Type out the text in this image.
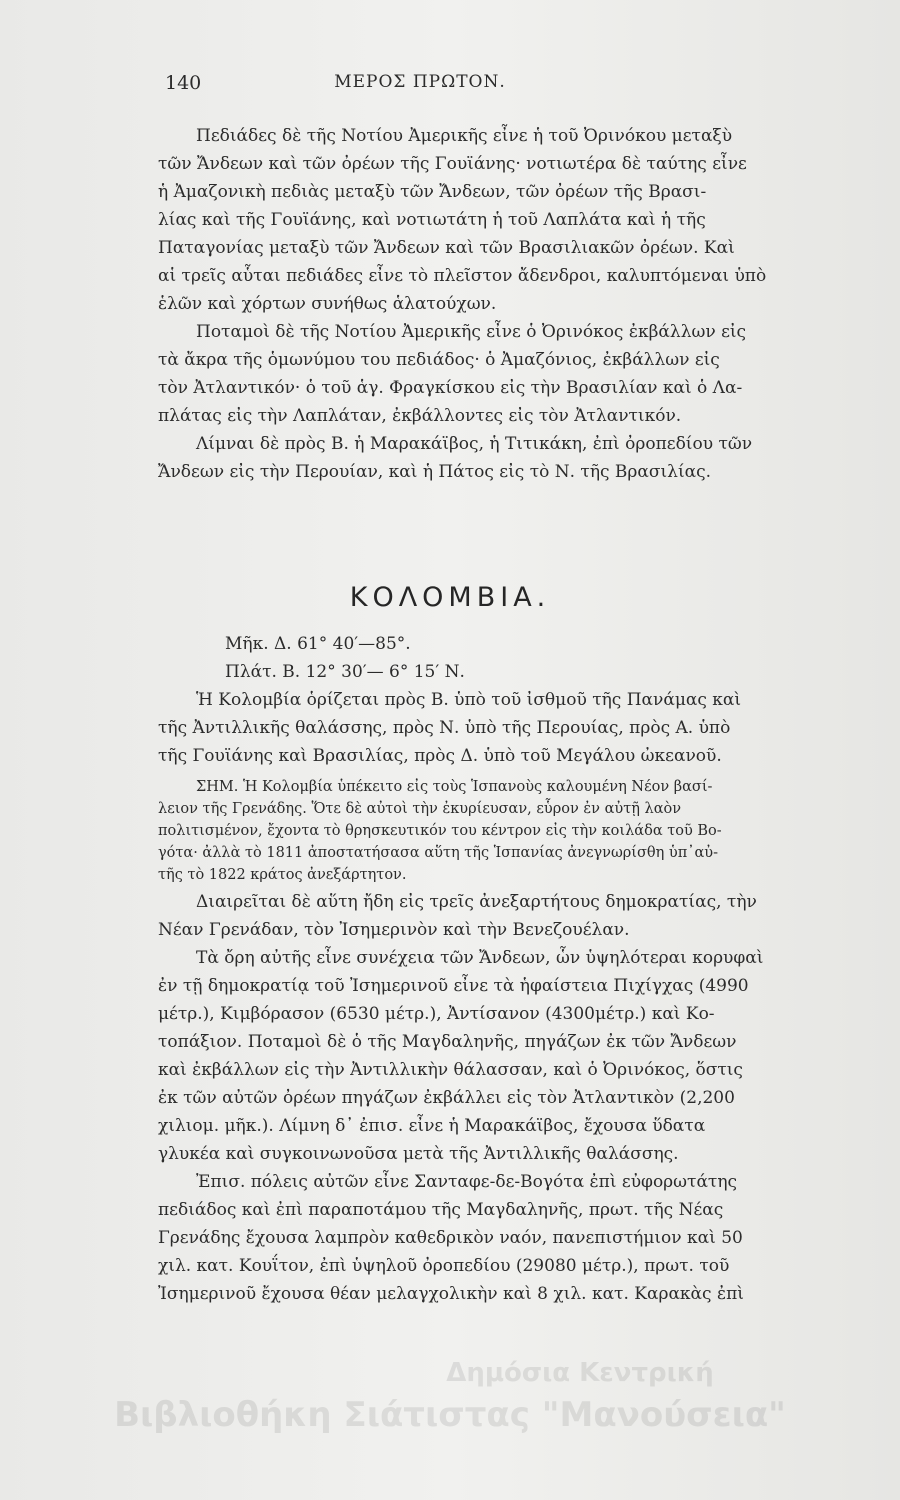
140	ΜΕΡΟΣ ΠΡΩΤΟΝ.
Πεδιάδες δὲ τῆς Νοτίου Ἀμερικῆς εἶνε ἡ τοῦ Ὀρινόκου μεταξὺ
τῶν Ἄνδεων καὶ τῶν ὀρέων τῆς Γουϊάνης· νοτιωτέρα δὲ ταύτης εἶνε
ἡ Ἀμαζονικὴ πεδιὰς μεταξὺ τῶν Ἄνδεων, τῶν ὀρέων τῆς Βρασι-
λίας καὶ τῆς Γουϊάνης, καὶ νοτιωτάτη ἡ τοῦ Λαπλάτα καὶ ἡ τῆς
Παταγονίας μεταξὺ τῶν Ἄνδεων καὶ τῶν Βρασιλιακῶν ὀρέων. Καὶ
αἱ τρεῖς αὗται πεδιάδες εἶνε τὸ πλεῖστον ἄδενδροι, καλυπτόμεναι ὑπὸ
ἑλῶν καὶ χόρτων συνήθως ἁλατούχων.
Ποταμοὶ δὲ τῆς Νοτίου Ἀμερικῆς εἶνε ὁ Ὀρινόκος ἐκβάλλων εἰς
τὰ ἄκρα τῆς ὁμωνύμου του πεδιάδος· ὁ Ἀμαζόνιος, ἐκβάλλων εἰς
τὸν Ἀτλαντικόν· ὁ τοῦ ἁγ. Φραγκίσκου εἰς τὴν Βρασιλίαν καὶ ὁ Λα-
πλάτας εἰς τὴν Λαπλάταν, ἐκβάλλοντες εἰς τὸν Ἀτλαντικόν.
Λίμναι δὲ πρὸς Β. ἡ Μαρακάϊβος, ἡ Τιτικάκη, ἐπὶ ὀροπεδίου τῶν
Ἄνδεων εἰς τὴν Περουίαν, καὶ ἡ Πάτος εἰς τὸ Ν. τῆς Βρασιλίας.
ΚΟΛΟΜΒΙΑ.
Μῆκ. Δ. 61° 40′—85°.
Πλάτ. Β. 12° 30′— 6° 15′ Ν.
Ἡ Κολομβία ὁρίζεται πρὸς Β. ὑπὸ τοῦ ἰσθμοῦ τῆς Πανάμας καὶ
τῆς Ἀντιλλικῆς θαλάσσης, πρὸς Ν. ὑπὸ τῆς Περουίας, πρὸς Α. ὑπὸ
τῆς Γουϊάνης καὶ Βρασιλίας, πρὸς Δ. ὑπὸ τοῦ Μεγάλου ὠκεανοῦ.
ΣΗΜ. Ἡ Κολομβία ὑπέκειτο εἰς τοὺς Ἱσπανοὺς καλουμένη Νέον βασί-
λειον τῆς Γρενάδης. Ὅτε δὲ αὐτοὶ τὴν ἐκυρίευσαν, εὗρον ἐν αὐτῇ λαὸν
πολιτισμένον, ἔχοντα τὸ θρησκευτικόν του κέντρον εἰς τὴν κοιλάδα τοῦ Βο-
γότα· ἀλλὰ τὸ 1811 ἀποστατήσασα αὕτη τῆς Ἱσπανίας ἀνεγνωρίσθη ὑπ᾽αὐ-
τῆς τὸ 1822 κράτος ἀνεξάρτητον.
Διαιρεῖται δὲ αὕτη ἤδη εἰς τρεῖς ἀνεξαρτήτους δημοκρατίας, τὴν
Νέαν Γρενάδαν, τὸν Ἰσημερινὸν καὶ τὴν Βενεζουέλαν.
Τὰ ὄρη αὐτῆς εἶνε συνέχεια τῶν Ἄνδεων, ὧν ὑψηλότεραι κορυφαὶ
ἐν τῇ δημοκρατίᾳ τοῦ Ἰσημερινοῦ εἶνε τὰ ἡφαίστεια Πιχίγχας (4990
μέτρ.), Κιμβόρασον (6530 μέτρ.), Ἀντίσανον (4300μέτρ.) καὶ Κο-
τοπάξιον. Ποταμοὶ δὲ ὁ τῆς Μαγδαληνῆς, πηγάζων ἐκ τῶν Ἄνδεων
καὶ ἐκβάλλων εἰς τὴν Ἀντιλλικὴν θάλασσαν, καὶ ὁ Ὀρινόκος, ὅστις
ἐκ τῶν αὐτῶν ὀρέων πηγάζων ἐκβάλλει εἰς τὸν Ἀτλαντικὸν (2,200
χιλιομ. μῆκ.). Λίμνη δ᾽ ἐπισ. εἶνε ἡ Μαρακάϊβος, ἔχουσα ὕδατα
γλυκέα καὶ συγκοινωνοῦσα μετὰ τῆς Ἀντιλλικῆς θαλάσσης.
Ἐπισ. πόλεις αὐτῶν εἶνε Σανταφε-δε-Βογότα ἐπὶ εὐφορωτάτης
πεδιάδος καὶ ἐπὶ παραποτάμου τῆς Μαγδαληνῆς, πρωτ. τῆς Νέας
Γρενάδης ἔχουσα λαμπρὸν καθεδρικὸν ναόν, πανεπιστήμιον καὶ 50
χιλ. κατ. Κουΐτον, ἐπὶ ὑψηλοῦ ὀροπεδίου (29080 μέτρ.), πρωτ. τοῦ
Ἰσημερινοῦ ἔχουσα θέαν μελαγχολικὴν καὶ 8 χιλ. κατ. Καρακὰς ἐπὶ
Δημόσια Κεντρική
Βιβλιοθήκη Σιάτιστας "Μανούσεια"
